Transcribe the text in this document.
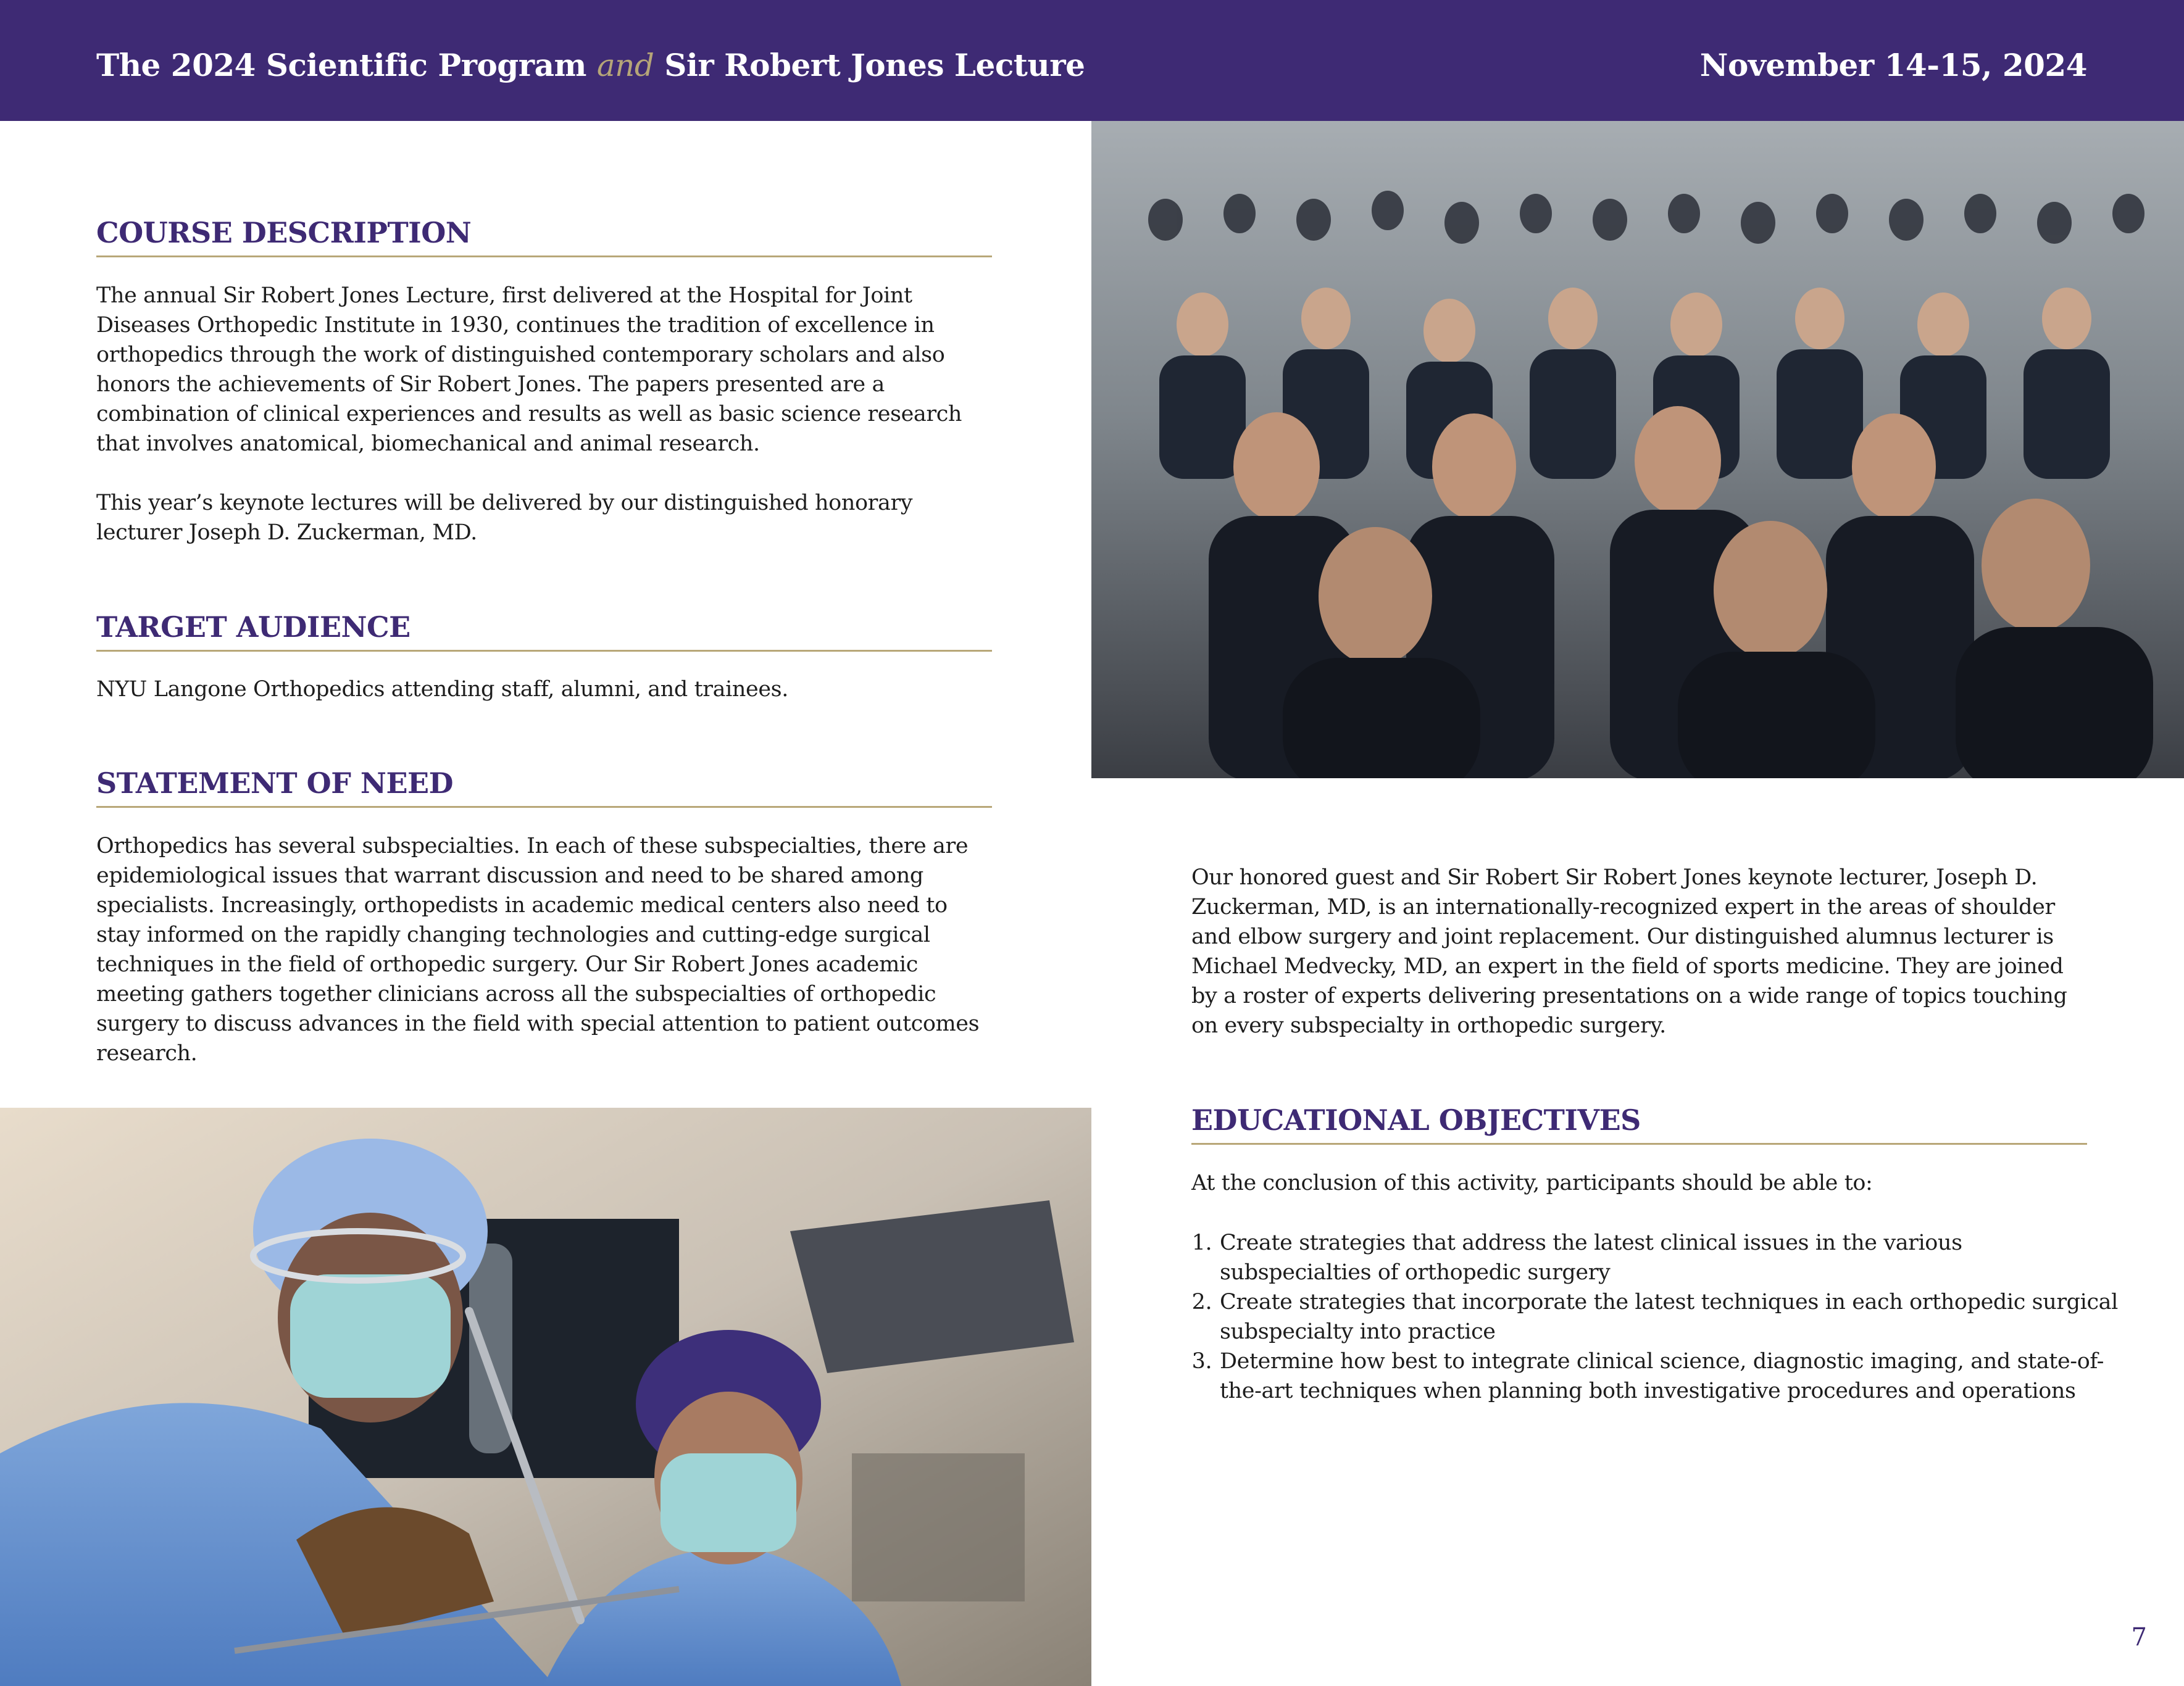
The 2024 Scientific Program and Sir Robert Jones Lecture	November 14-15, 2024
COURSE DESCRIPTION

The annual Sir Robert Jones Lecture, first delivered at the Hospital for Joint Diseases Orthopedic Institute in 1930, continues the tradition of excellence in orthopedics through the work of distinguished contemporary scholars and also honors the achievements of Sir Robert Jones. The papers presented are a combination of clinical experiences and results as well as basic science research that involves anatomical, biomechanical and animal research.

This year’s keynote lectures will be delivered by our distinguished honorary lecturer Joseph D. Zuckerman, MD.

TARGET AUDIENCE

NYU Langone Orthopedics attending staff, alumni, and trainees.

STATEMENT OF NEED

Orthopedics has several subspecialties. In each of these subspecialties, there are epidemiological issues that warrant discussion and need to be shared among specialists. Increasingly, orthopedists in academic medical centers also need to stay informed on the rapidly changing technologies and cutting-edge surgical techniques in the field of orthopedic surgery. Our Sir Robert Jones academic meeting gathers together clinicians across all the subspecialties of orthopedic surgery to discuss advances in the field with special attention to patient outcomes research.

Our honored guest and Sir Robert Sir Robert Jones keynote lecturer, Joseph D. Zuckerman, MD, is an internationally-recognized expert in the areas of shoulder and elbow surgery and joint replacement. Our distinguished alumnus lecturer is Michael Medvecky, MD, an expert in the field of sports medicine. They are joined by a roster of experts delivering presentations on a wide range of topics touching on every subspecialty in orthopedic surgery.

EDUCATIONAL OBJECTIVES

At the conclusion of this activity, participants should be able to:

1. Create strategies that address the latest clinical issues in the various subspecialties of orthopedic surgery
2. Create strategies that incorporate the latest techniques in each orthopedic surgical subspecialty into practice
3. Determine how best to integrate clinical science, diagnostic imaging, and state-of-the-art techniques when planning both investigative procedures and operations
7
